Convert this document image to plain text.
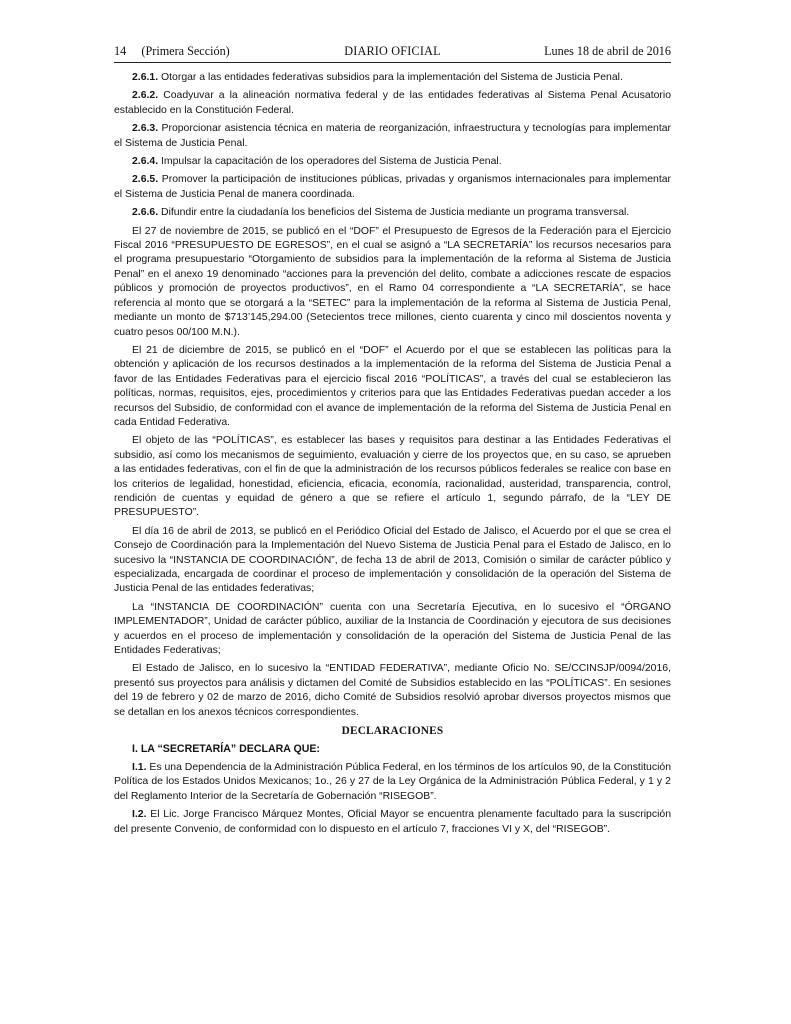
14     (Primera Sección)	DIARIO OFICIAL	Lunes 18 de abril de 2016

2.6.1. Otorgar a las entidades federativas subsidios para la implementación del Sistema de Justicia Penal.

2.6.2. Coadyuvar a la alineación normativa federal y de las entidades federativas al Sistema Penal Acusatorio establecido en la Constitución Federal.

2.6.3. Proporcionar asistencia técnica en materia de reorganización, infraestructura y tecnologías para implementar el Sistema de Justicia Penal.

2.6.4. Impulsar la capacitación de los operadores del Sistema de Justicia Penal.

2.6.5. Promover la participación de instituciones públicas, privadas y organismos internacionales para implementar el Sistema de Justicia Penal de manera coordinada.

2.6.6. Difundir entre la ciudadanía los beneficios del Sistema de Justicia mediante un programa transversal.

El 27 de noviembre de 2015, se publicó en el “DOF” el Presupuesto de Egresos de la Federación para el Ejercicio Fiscal 2016 “PRESUPUESTO DE EGRESOS”, en el cual se asignó a “LA SECRETARÍA” los recursos necesarios para el programa presupuestario “Otorgamiento de subsidios para la implementación de la reforma al Sistema de Justicia Penal” en el anexo 19 denominado “acciones para la prevención del delito, combate a adicciones rescate de espacios públicos y promoción de proyectos productivos”, en el Ramo 04 correspondiente a “LA SECRETARÍA”, se hace referencia al monto que se otorgará a la “SETEC” para la implementación de la reforma al Sistema de Justicia Penal, mediante un monto de $713’145,294.00 (Setecientos trece millones, ciento cuarenta y cinco mil doscientos noventa y cuatro pesos 00/100 M.N.).

El 21 de diciembre de 2015, se publicó en el “DOF” el Acuerdo por el que se establecen las políticas para la obtención y aplicación de los recursos destinados a la implementación de la reforma del Sistema de Justicia Penal a favor de las Entidades Federativas para el ejercicio fiscal 2016 “POLÍTICAS”, a través del cual se establecieron las políticas, normas, requisitos, ejes, procedimientos y criterios para que las Entidades Federativas puedan acceder a los recursos del Subsidio, de conformidad con el avance de implementación de la reforma del Sistema de Justicia Penal en cada Entidad Federativa.

El objeto de las “POLÍTICAS”, es establecer las bases y requisitos para destinar a las Entidades Federativas el subsidio, así como los mecanismos de seguimiento, evaluación y cierre de los proyectos que, en su caso, se aprueben a las entidades federativas, con el fin de que la administración de los recursos públicos federales se realice con base en los criterios de legalidad, honestidad, eficiencia, eficacia, economía, racionalidad, austeridad, transparencia, control, rendición de cuentas y equidad de género a que se refiere el artículo 1, segundo párrafo, de la “LEY DE PRESUPUESTO”.

El día 16 de abril de 2013, se publicó en el Periódico Oficial del Estado de Jalisco, el Acuerdo por el que se crea el Consejo de Coordinación para la Implementación del Nuevo Sistema de Justicia Penal para el Estado de Jalisco, en lo sucesivo la “INSTANCIA DE COORDINACIÓN”, de fecha 13 de abril de 2013, Comisión o similar de carácter público y especializada, encargada de coordinar el proceso de implementación y consolidación de la operación del Sistema de Justicia Penal de las entidades federativas;

La “INSTANCIA DE COORDINACIÓN” cuenta con una Secretaría Ejecutiva, en lo sucesivo el “ÓRGANO IMPLEMENTADOR”, Unidad de carácter público, auxiliar de la Instancia de Coordinación y ejecutora de sus decisiones y acuerdos en el proceso de implementación y consolidación de la operación del Sistema de Justicia Penal de las Entidades Federativas;

El Estado de Jalisco, en lo sucesivo la “ENTIDAD FEDERATIVA”, mediante Oficio No. SE/CCINSJP/0094/2016, presentó sus proyectos para análisis y dictamen del Comité de Subsidios establecido en las “POLÍTICAS”. En sesiones del 19 de febrero y 02 de marzo de 2016, dicho Comité de Subsidios resolvió aprobar diversos proyectos mismos que se detallan en los anexos técnicos correspondientes.

DECLARACIONES
I. LA “SECRETARÍA” DECLARA QUE:

I.1. Es una Dependencia de la Administración Pública Federal, en los términos de los artículos 90, de la Constitución Política de los Estados Unidos Mexicanos; 1o., 26 y 27 de la Ley Orgánica de la Administración Pública Federal, y 1 y 2 del Reglamento Interior de la Secretaría de Gobernación “RISEGOB”.

I.2. El Lic. Jorge Francisco Márquez Montes, Oficial Mayor se encuentra plenamente facultado para la suscripción del presente Convenio, de conformidad con lo dispuesto en el artículo 7, fracciones VI y X, del “RISEGOB”.
